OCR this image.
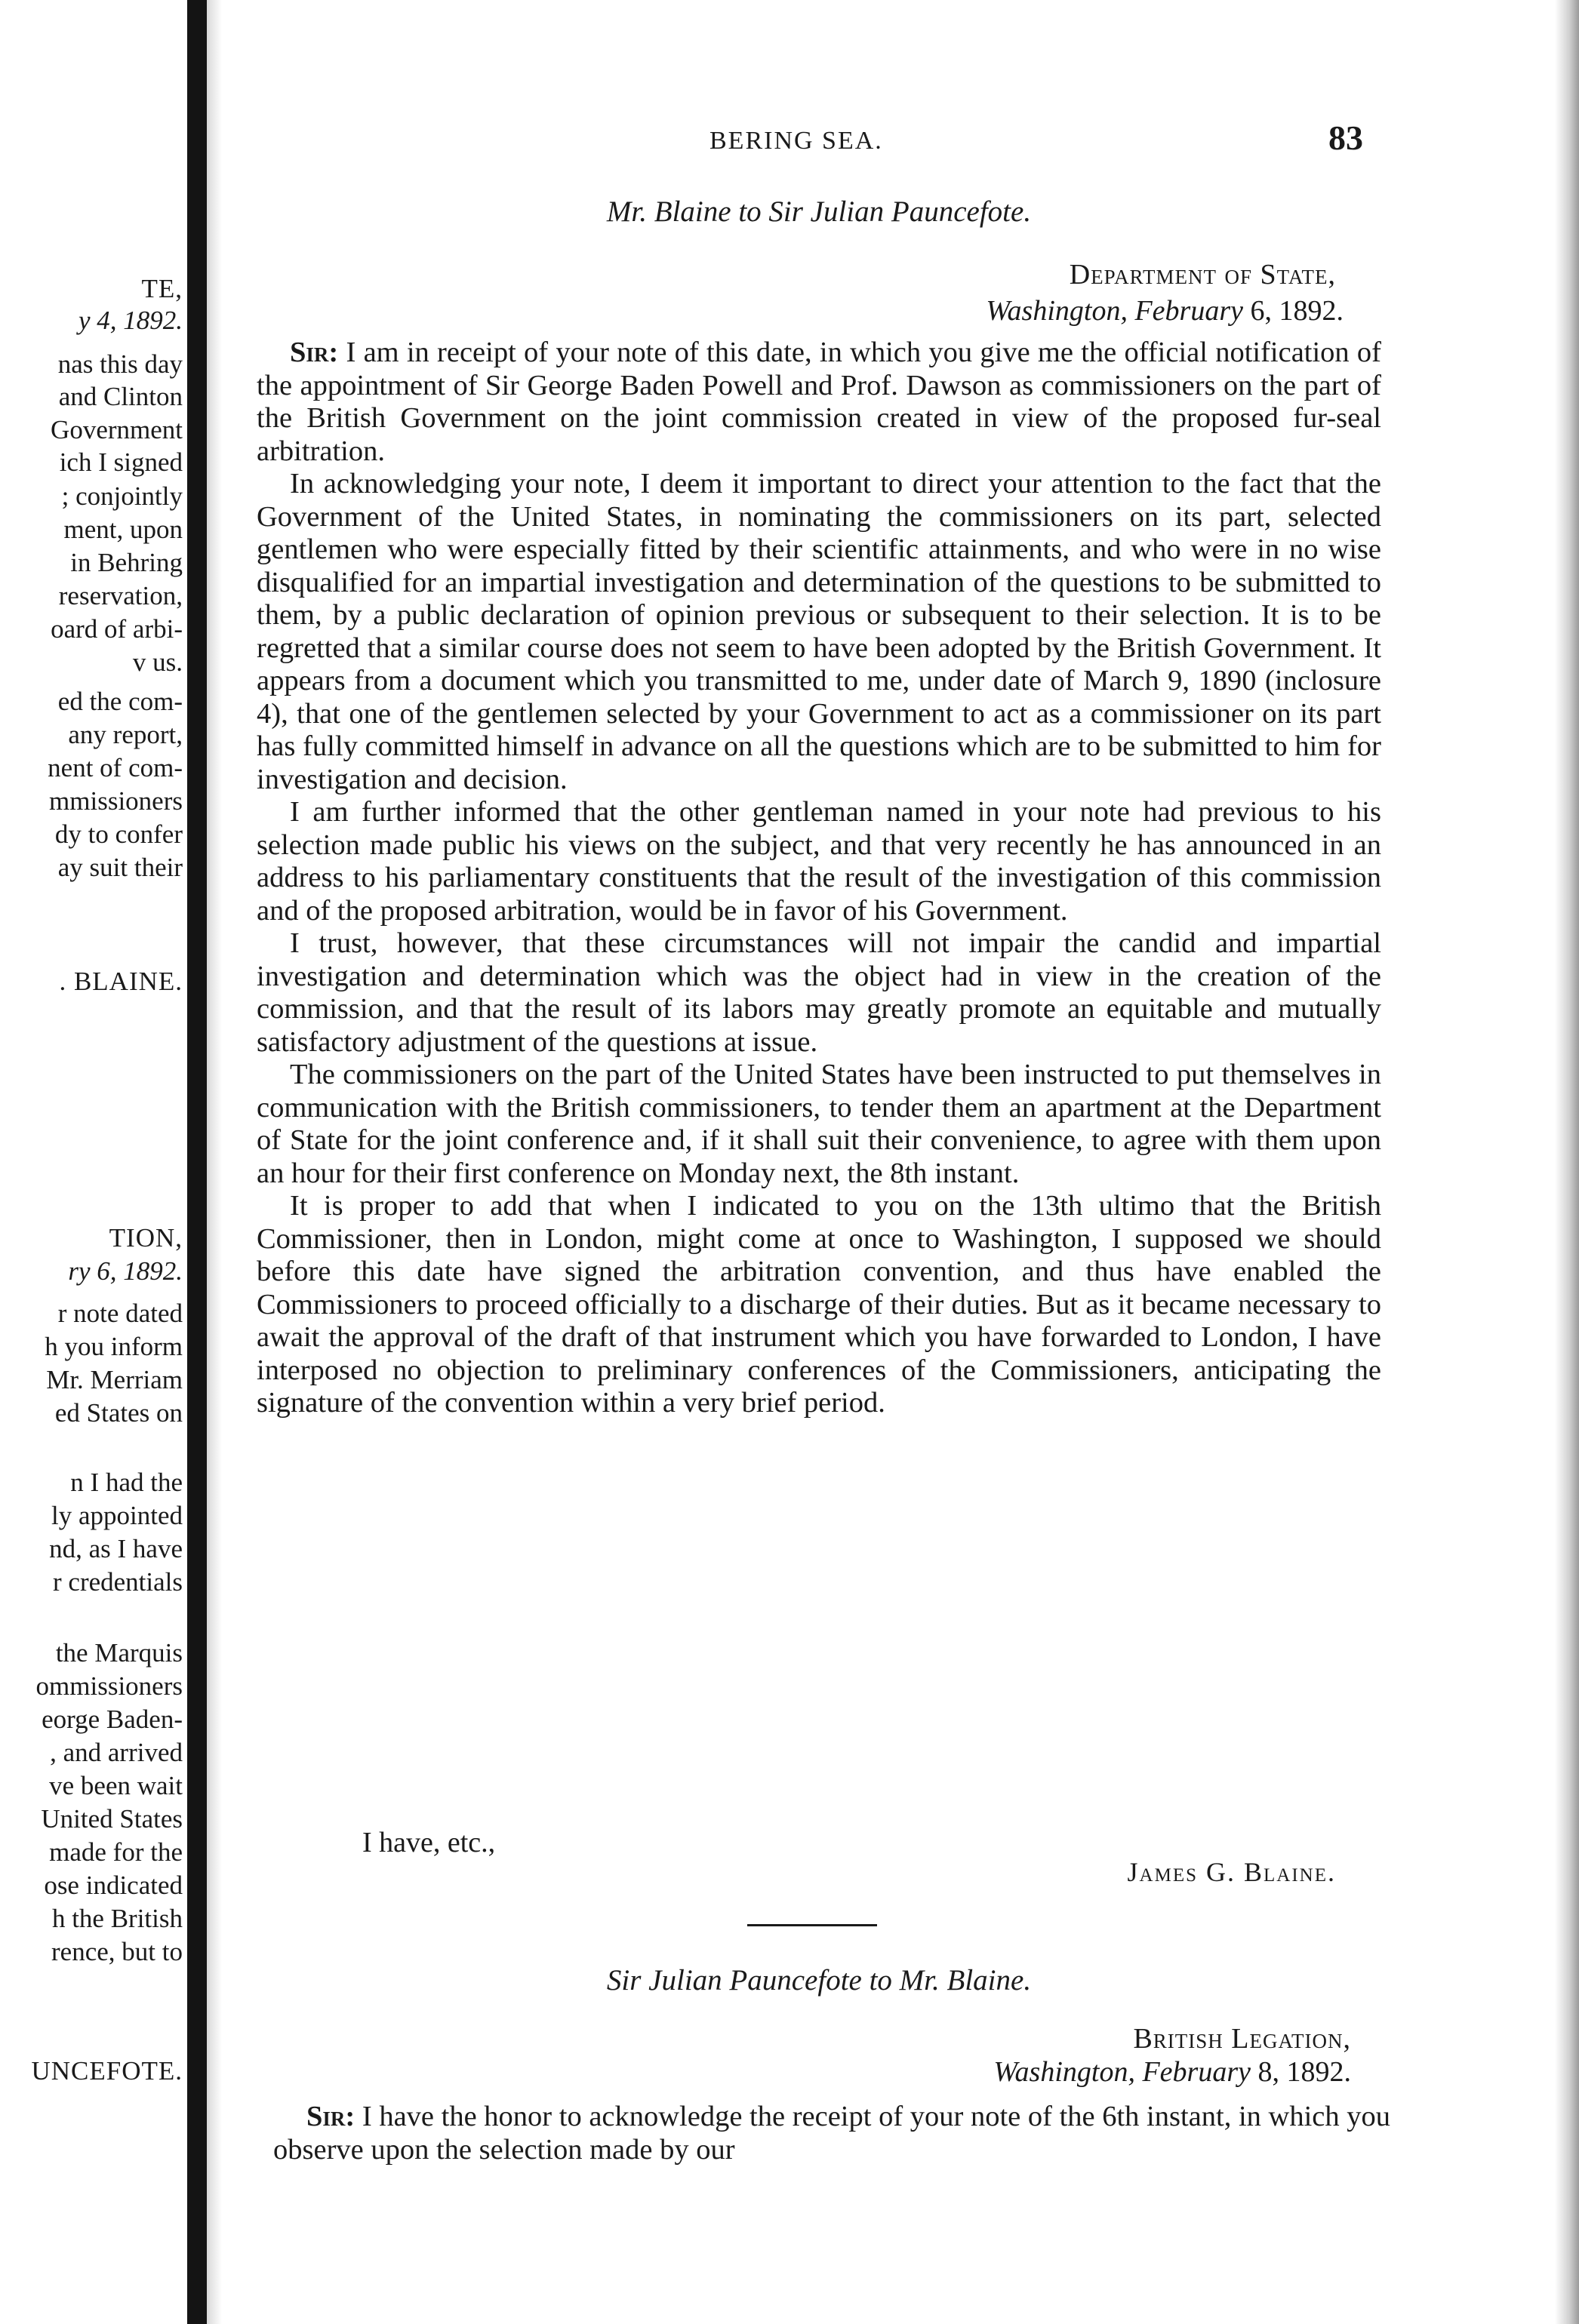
TE,
y 4, 1892.
nas this day
and Clinton
Government
ich I signed
; conjointly
ment, upon
in Behring
reservation,
oard of arbi-
v us.
ed the com-
any report,
nent of com-
mmissioners
dy to confer
ay suit their
. BLAINE.
TION,
ry 6, 1892.
r note dated
h you inform
Mr. Merriam
ed States on
n I had the
ly appointed
nd, as I have
r credentials
the Marquis
ommissioners
eorge Baden-
, and arrived
ve been wait
United States
made for the
ose indicated
h the British
rence, but to
UNCEFOTE.
BERING SEA.	83
Mr. Blaine to Sir Julian Pauncefote.
Department of State,
Washington, February 6, 1892.

Sir: I am in receipt of your note of this date, in which you give me the official notification of the appointment of Sir George Baden Powell and Prof. Dawson as commissioners on the part of the British Government on the joint commission created in view of the proposed fur-seal arbitration.

In acknowledging your note, I deem it important to direct your attention to the fact that the Government of the United States, in nominating the commissioners on its part, selected gentlemen who were especially fitted by their scientific attainments, and who were in no wise disqualified for an impartial investigation and determination of the questions to be submitted to them, by a public declaration of opinion previous or subsequent to their selection. It is to be regretted that a similar course does not seem to have been adopted by the British Government. It appears from a document which you transmitted to me, under date of March 9, 1890 (inclosure 4), that one of the gentlemen selected by your Government to act as a commissioner on its part has fully committed himself in advance on all the questions which are to be submitted to him for investigation and decision.

I am further informed that the other gentleman named in your note had previous to his selection made public his views on the subject, and that very recently he has announced in an address to his parliamentary constituents that the result of the investigation of this commission and of the proposed arbitration, would be in favor of his Government.

I trust, however, that these circumstances will not impair the candid and impartial investigation and determination which was the object had in view in the creation of the commission, and that the result of its labors may greatly promote an equitable and mutually satisfactory adjustment of the questions at issue.

The commissioners on the part of the United States have been instructed to put themselves in communication with the British commissioners, to tender them an apartment at the Department of State for the joint conference and, if it shall suit their convenience, to agree with them upon an hour for their first conference on Monday next, the 8th instant.

It is proper to add that when I indicated to you on the 13th ultimo that the British Commissioner, then in London, might come at once to Washington, I supposed we should before this date have signed the arbitration convention, and thus have enabled the Commissioners to proceed officially to a discharge of their duties. But as it became necessary to await the approval of the draft of that instrument which you have forwarded to London, I have interposed no objection to preliminary conferences of the Commissioners, anticipating the signature of the convention within a very brief period.

I have, etc.,
James G. Blaine.
Sir Julian Pauncefote to Mr. Blaine.
British Legation,
Washington, February 8, 1892.

Sir: I have the honor to acknowledge the receipt of your note of the 6th instant, in which you observe upon the selection made by our
